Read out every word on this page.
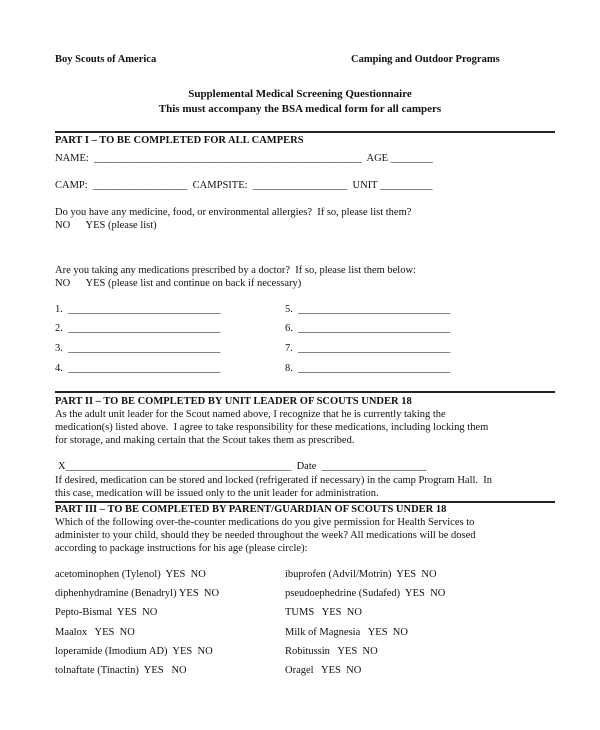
Boy Scouts of America	Camping and Outdoor Programs
Supplemental Medical Screening Questionnaire
This must accompany the BSA medical form for all campers
PART I – TO BE COMPLETED FOR ALL CAMPERS
NAME:  ___________________________________________________  AGE ________
CAMP:  __________________  CAMPSITE:  __________________  UNIT __________
Do you have any medicine, food, or environmental allergies?  If so, please list them?
NO      YES (please list)
Are you taking any medications prescribed by a doctor?  If so, please list them below:
NO      YES (please list and continue on back if necessary)
1.  _____________________________
2.  _____________________________
3.  _____________________________
4.  _____________________________
5.  _____________________________
6.  _____________________________
7.  _____________________________
8.  _____________________________
PART II – TO BE COMPLETED BY UNIT LEADER OF SCOUTS UNDER 18
As the adult unit leader for the Scout named above, I recognize that he is currently taking the
medication(s) listed above.  I agree to take responsibility for these medications, including locking them
for storage, and making certain that the Scout takes them as prescribed.
X___________________________________________  Date  ____________________
If desired, medication can be stored and locked (refrigerated if necessary) in the camp Program Hall.  In
this case, medication will be issued only to the unit leader for administration.
PART III – TO BE COMPLETED BY PARENT/GUARDIAN OF SCOUTS UNDER 18
Which of the following over-the-counter medications do you give permission for Health Services to
administer to your child, should they be needed throughout the week? All medications will be dosed
according to package instructions for his age (please circle):
acetominophen (Tylenol)  YES  NO
diphenhydramine (Benadryl) YES  NO
Pepto-Bismal  YES  NO
Maalox   YES  NO
loperamide (Imodium AD)  YES  NO
tolnaftate (Tinactin)  YES   NO
ibuprofen (Advil/Motrin)  YES  NO
pseudoephedrine (Sudafed)  YES  NO
TUMS   YES  NO
Milk of Magnesia   YES  NO
Robitussin   YES  NO
Oragel   YES  NO
